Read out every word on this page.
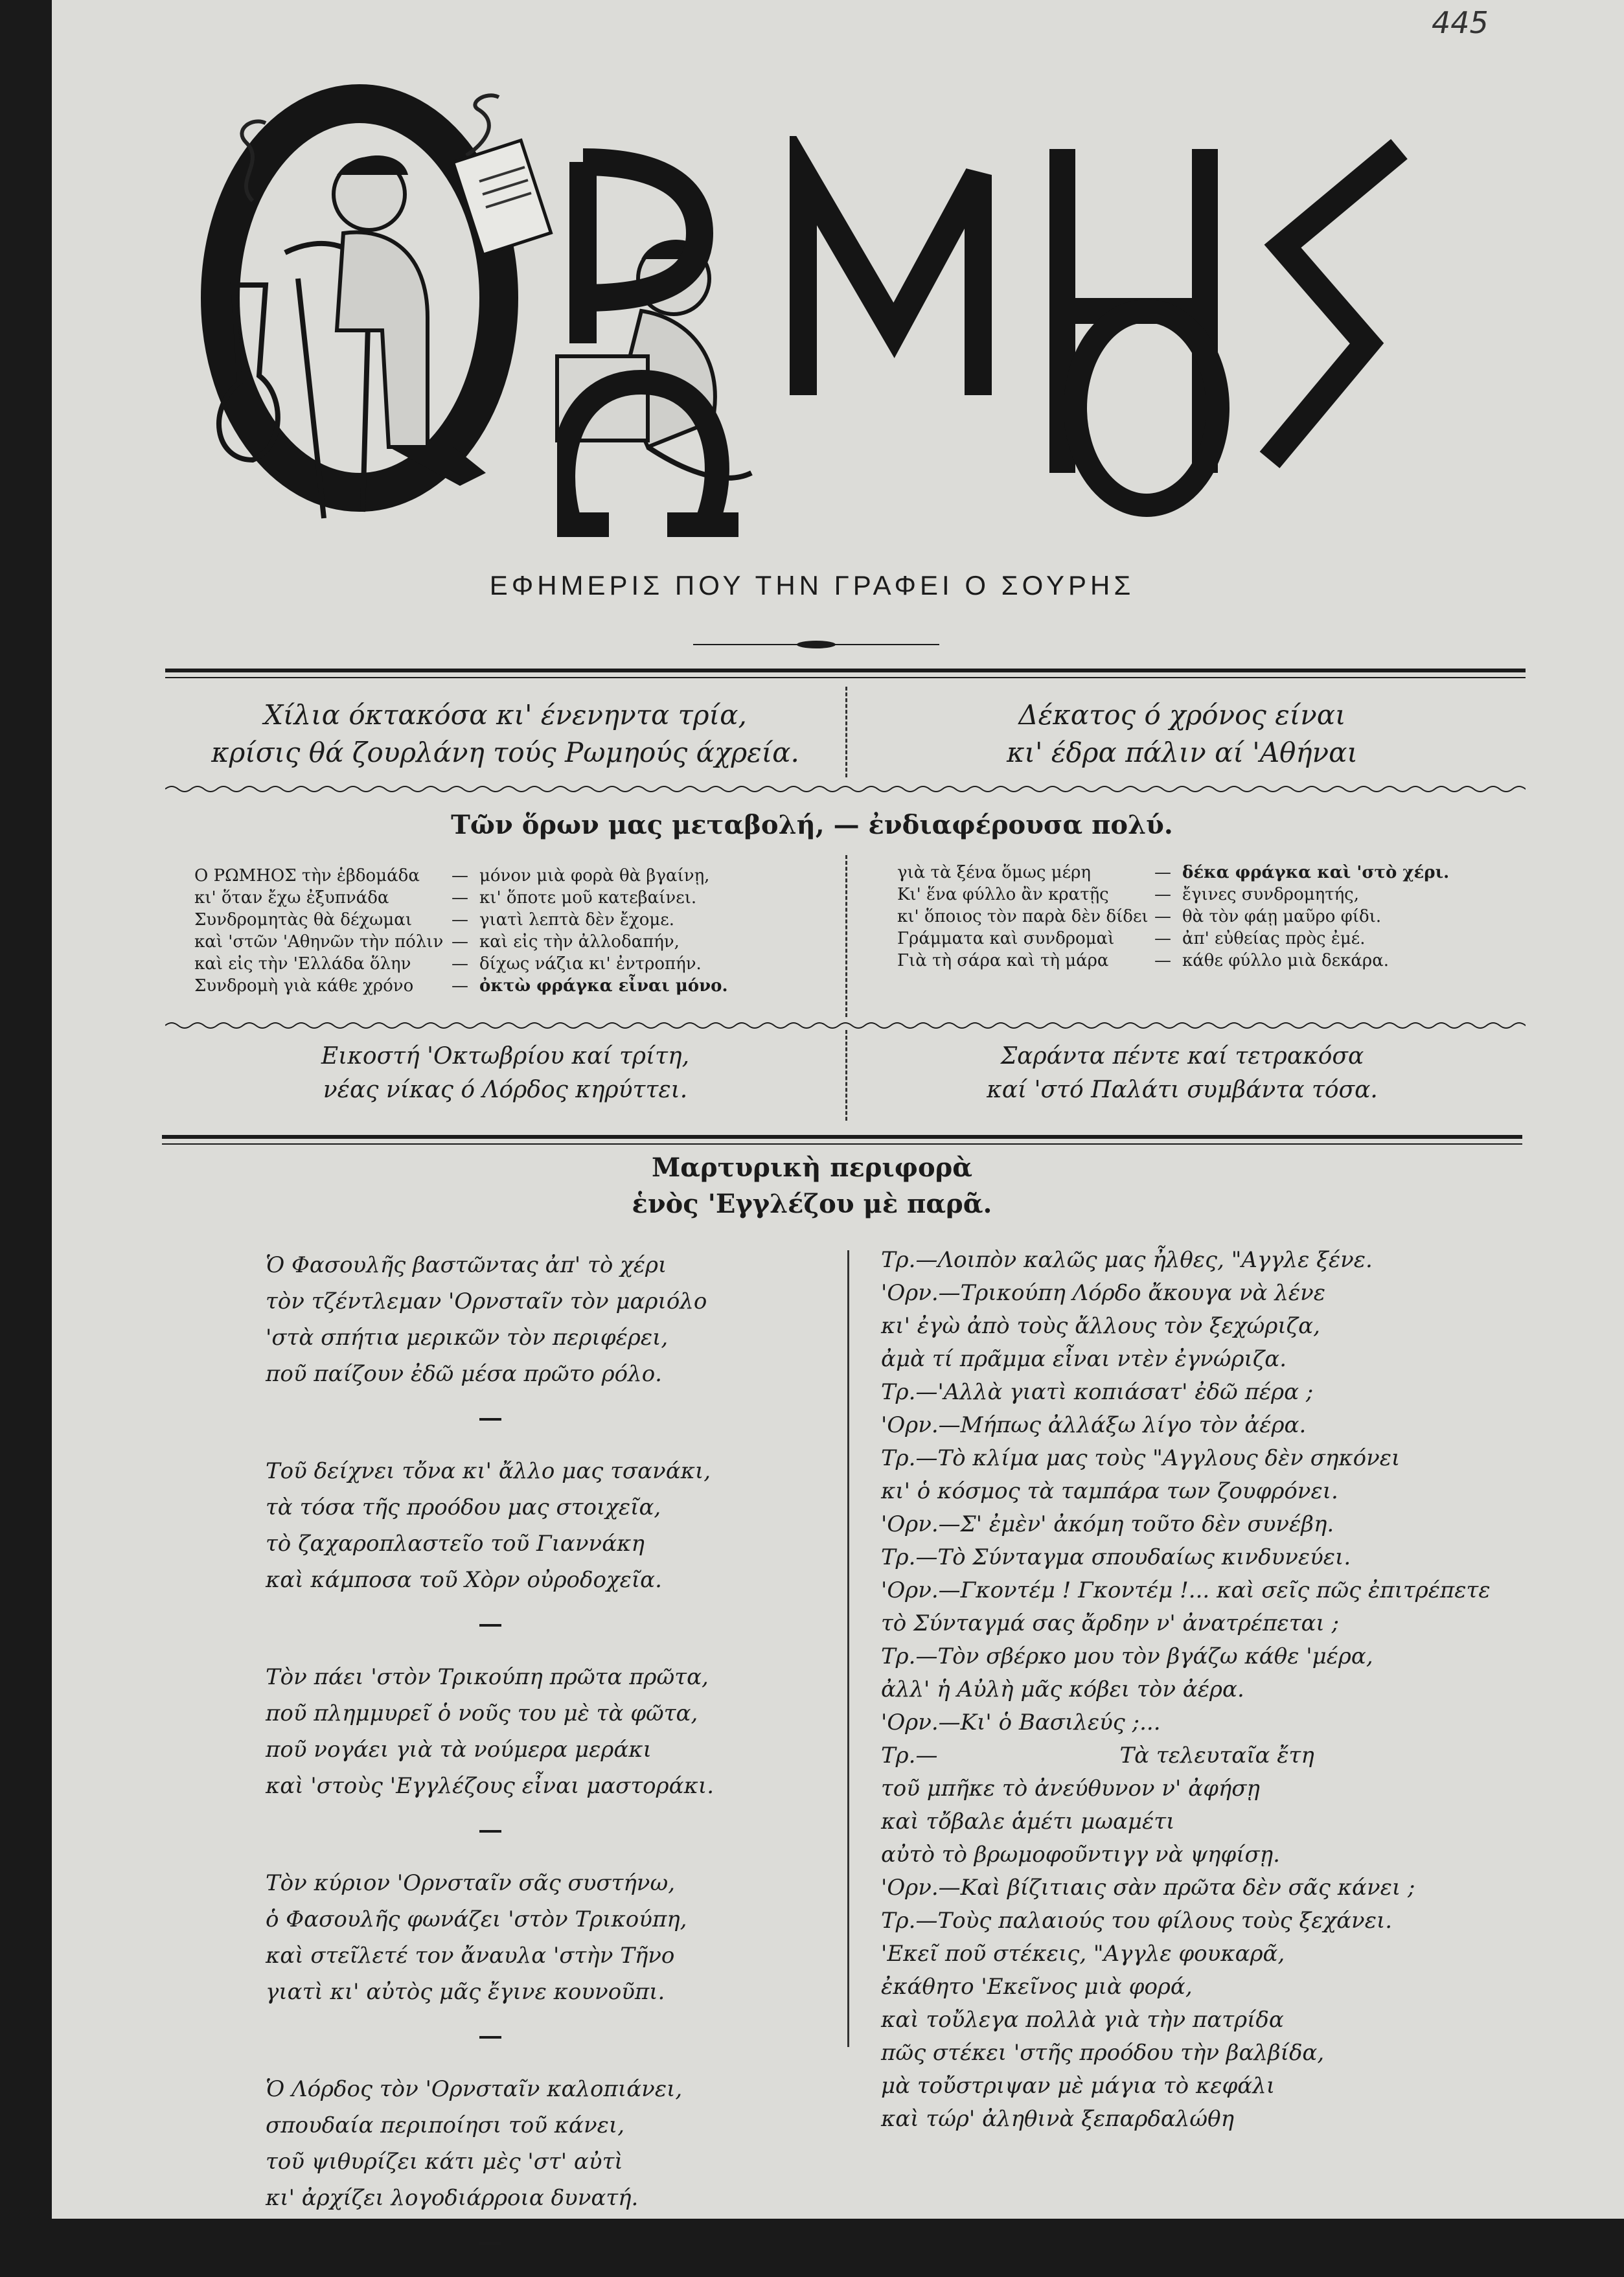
445
ΕΦΗΜΕΡΙΣ ΠΟΥ ΤΗΝ ΓΡΑΦΕΙ Ο ΣΟΥΡΗΣ
Χίλια όκτακόσα κι' ένενηντα τρία,
κρίσις θά ζουρλάνη τούς Ρωμηούς άχρεία.
Δέκατος ό χρόνος είναι
κι' έδρα πάλιν αί 'Αθήναι
Τῶν ὅρων μας μεταβολή, — ἐνδιαφέρουσα πολύ.
Ο ΡΩΜΗΟΣ τὴν ἑβδομάδα	— μόνον μιὰ φορὰ θὰ βγαίνῃ,
κι' ὅταν ἔχω ἐξυπνάδα	— κι' ὅποτε μοῦ κατεβαίνει.
Συνδρομητὰς θὰ δέχωμαι	— γιατὶ λεπτὰ δὲν ἔχομε.
καὶ 'στῶν 'Αθηνῶν τὴν πόλιν — καὶ εἰς τὴν ἀλλοδαπήν,
καὶ εἰς τὴν 'Ελλάδα ὅλην	— δίχως νάζια κι' ἐντροπήν.
Συνδρομὴ γιὰ κάθε χρόνο	— ὀκτὼ φράγκα εἶναι μόνο.
γιὰ τὰ ξένα ὅμως μέρη	— δέκα φράγκα καὶ 'στὸ χέρι.
Κι' ἕνα φύλλο ἂν κρατῇς	— ἔγινες συνδρομητής,
κι' ὅποιος τὸν παρὰ δὲν δίδει — θὰ τὸν φάῃ μαῦρο φίδι.
Γράμματα καὶ συνδρομαὶ	— ἀπ' εὐθείας πρὸς ἐμέ.
Γιὰ τὴ σάρα καὶ τὴ μάρα	— κάθε φύλλο μιὰ δεκάρα.
Εικοστή 'Οκτωβρίου καί τρίτη,
νέας νίκας ό Λόρδος κηρύττει.
Σαράντα πέντε καί τετρακόσα
καί 'στό Παλάτι συμβάντα τόσα.
Μαρτυρικὴ περιφορὰ
ἑνὸς 'Εγγλέζου μὲ παρᾶ.
Ὁ Φασουλῆς βαστῶντας ἀπ' τὸ χέρι
τὸν τζέντλεμαν 'Ορνσταῖν τὸν μαριόλο
'στὰ σπήτια μερικῶν τὸν περιφέρει,
ποῦ παίζουν ἐδῶ μέσα πρῶτο ρόλο.
Τοῦ δείχνει τὄνα κι' ἄλλο μας τσανάκι,
τὰ τόσα τῆς προόδου μας στοιχεῖα,
τὸ ζαχαροπλαστεῖο τοῦ Γιαννάκη
καὶ κάμποσα τοῦ Χὸρν οὐροδοχεῖα.
Τὸν πάει 'στὸν Τρικούπη πρῶτα πρῶτα,
ποῦ πλημμυρεῖ ὁ νοῦς του μὲ τὰ φῶτα,
ποῦ νογάει γιὰ τὰ νούμερα μεράκι
καὶ 'στοὺς 'Εγγλέζους εἶναι μαστοράκι.
Τὸν κύριον 'Ορνσταῖν σᾶς συστήνω,
ὁ Φασουλῆς φωνάζει 'στὸν Τρικούπη,
καὶ στεῖλετέ τον ἄναυλα 'στὴν Τῆνο
γιατὶ κι' αὐτὸς μᾶς ἔγινε κουνοῦπι.
Ὁ Λόρδος τὸν 'Ορνσταῖν καλοπιάνει,
σπουδαία περιποίησι τοῦ κάνει,
τοῦ ψιθυρίζει κάτι μὲς 'στ' αὐτὶ
κι' ἀρχίζει λογοδιάρροια δυνατή.
Τρ.—Λοιπὸν καλῶς μας ἦλθες, "Αγγλε ξένε.
'Ορν.—Τρικούπη Λόρδο ἄκουγα νὰ λένε
κι' ἐγὼ ἀπὸ τοὺς ἄλλους τὸν ξεχώριζα,
ἀμὰ τί πρᾶμμα εἶναι ντὲν ἐγνώριζα.
Τρ.—'Αλλὰ γιατὶ κοπιάσατ' ἐδῶ πέρα ;
'Ορν.—Μήπως ἀλλάξω λίγο τὸν ἀέρα.
Τρ.—Τὸ κλίμα μας τοὺς "Αγγλους δὲν σηκόνει
κι' ὁ κόσμος τὰ ταμπάρα των ζουφρόνει.
'Ορν.—Σ' ἐμὲν' ἀκόμη τοῦτο δὲν συνέβη.
Τρ.—Τὸ Σύνταγμα σπουδαίως κινδυνεύει.
'Ορν.—Γκοντέμ ! Γκοντέμ !... καὶ σεῖς πῶς ἐπιτρέπετε
τὸ Σύνταγμά σας ἄρδην ν' ἀνατρέπεται ;
Τρ.—Τὸν σβέρκο μου τὸν βγάζω κάθε 'μέρα,
ἀλλ' ἡ Αὐλὴ μᾶς κόβει τὸν ἀέρα.
'Ορν.—Κι' ὁ Βασιλεύς ;...
Τρ.—                          Τὰ τελευταῖα ἔτη
τοῦ μπῆκε τὸ ἀνεύθυνον ν' ἀφήσῃ
καὶ τὄβαλε ἁμέτι μωαμέτι
αὐτὸ τὸ βρωμοφοῦντιγγ νὰ ψηφίσῃ.
'Ορν.—Καὶ βίζιτιαις σὰν πρῶτα δὲν σᾶς κάνει ;
Τρ.—Τοὺς παλαιούς του φίλους τοὺς ξεχάνει.
'Εκεῖ ποῦ στέκεις, "Αγγλε φουκαρᾶ,
ἐκάθητο 'Εκεῖνος μιὰ φορά,
καὶ τοὔλεγα πολλὰ γιὰ τὴν πατρίδα
πῶς στέκει 'στῆς προόδου τὴν βαλβίδα,
μὰ τοὔστριψαν μὲ μάγια τὸ κεφάλι
καὶ τώρ' ἀληθινὰ ξεπαρδαλώθη
